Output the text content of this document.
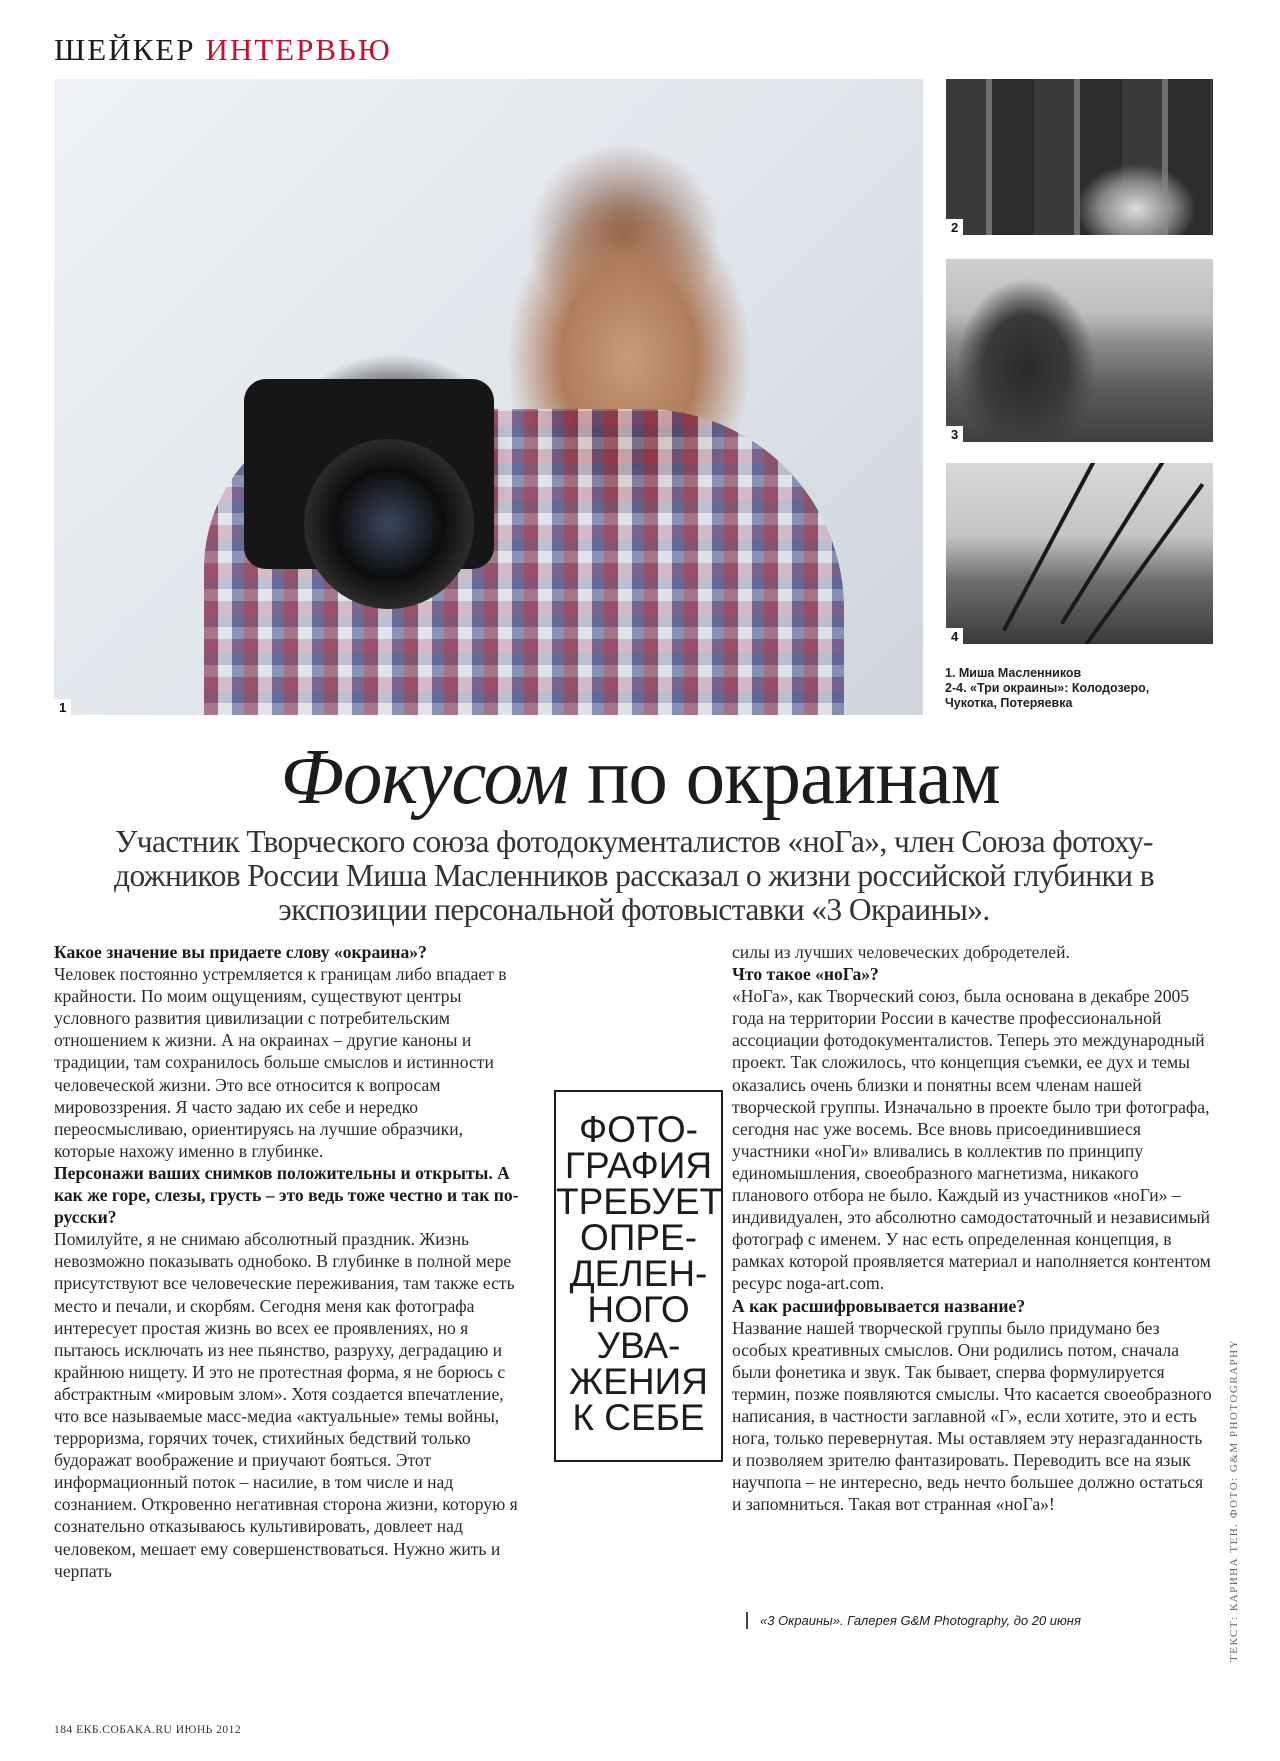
ШЕЙКЕР ИНТЕРВЬЮ
1
2
3
4
1. Миша Масленников
2-4. «Три окраины»: Колодозеро,
Чукотка, Потеряевка
Фокусом по окраинам
Участник Творческого союза фотодокументалистов «ноГа», член Союза фотоху-дожников России Миша Масленников рассказал о жизни российской глубинки в экспозиции персональной фотовыставки «3 Окраины».

Какое значение вы придаете слову «окраина»?

Человек постоянно устремляется к границам либо впадает в крайности. По моим ощущениям, существуют центры условного развития цивилизации с потребительским отношением к жизни. А на окраинах – другие каноны и традиции, там сохранилось больше смыслов и истинности человеческой жизни. Это все относится к вопросам мировоззрения. Я часто задаю их себе и нередко переосмысливаю, ориентируясь на лучшие образчики, которые нахожу именно в глубинке.

Персонажи ваших снимков положительны и открыты. А как же горе, слезы, грусть – это ведь тоже честно и так по-русски?

Помилуйте, я не снимаю абсолютный праздник. Жизнь невозможно показывать однобоко. В глубинке в полной мере присутствуют все человеческие переживания, там также есть место и печали, и скорбям. Сегодня меня как фотографа интересует простая жизнь во всех ее проявлениях, но я пытаюсь исключать из нее пьянство, разруху, деградацию и крайнюю нищету. И это не протестная форма, я не борюсь с абстрактным «мировым злом». Хотя создается впечатление, что все называемые масс-медиа «актуальные» темы войны, терроризма, горячих точек, стихийных бедствий только будоражат воображение и приучают бояться. Этот информационный поток – насилие, в том числе и над сознанием. Откровенно негативная сторона жизни, которую я сознательно отказываюсь культивировать, довлеет над человеком, мешает ему совершенствоваться. Нужно жить и черпать

ФОТО-
ГРАФИЯ
ТРЕБУЕТ
ОПРЕ-
ДЕЛЕН-
НОГО
УВА-
ЖЕНИЯ
К СЕБЕ

силы из лучших человеческих добродетелей.

Что такое «ноГа»?

«НоГа», как Творческий союз, была основана в декабре 2005 года на территории России в качестве профессиональной ассоциации фотодокументалистов. Теперь это международный проект. Так сложилось, что концепция съемки, ее дух и темы оказались очень близки и понятны всем членам нашей творческой группы. Изначально в проекте было три фотографа, сегодня нас уже восемь. Все вновь присоединившиеся участники «ноГи» вливались в коллектив по принципу единомышления, своеобразного магнетизма, никакого планового отбора не было. Каждый из участников «ноГи» – индивидуален, это абсолютно самодостаточный и независимый фотограф с именем. У нас есть определенная концепция, в рамках которой проявляется материал и наполняется контентом ресурс noga-art.com.

А как расшифровывается название?

Название нашей творческой группы было придумано без особых креативных смыслов. Они родились потом, сначала были фонетика и звук. Так бывает, сперва формулируется термин, позже появляются смыслы. Что касается своеобразного написания, в частности заглавной «Г», если хотите, это и есть нога, только перевернутая. Мы оставляем эту неразгаданность и позволяем зрителю фантазировать. Переводить все на язык научпопа – не интересно, ведь нечто большее должно остаться и запомниться. Такая вот странная «ноГа»!

«3 Окраины». Галерея G&M Photography, до 20 июня
184 ЕКБ.СОБАКА.RU ИЮНЬ 2012
ТЕКСТ: КАРИНА ТЕН. ФОТО: G&M PHOTOGRAPHY
